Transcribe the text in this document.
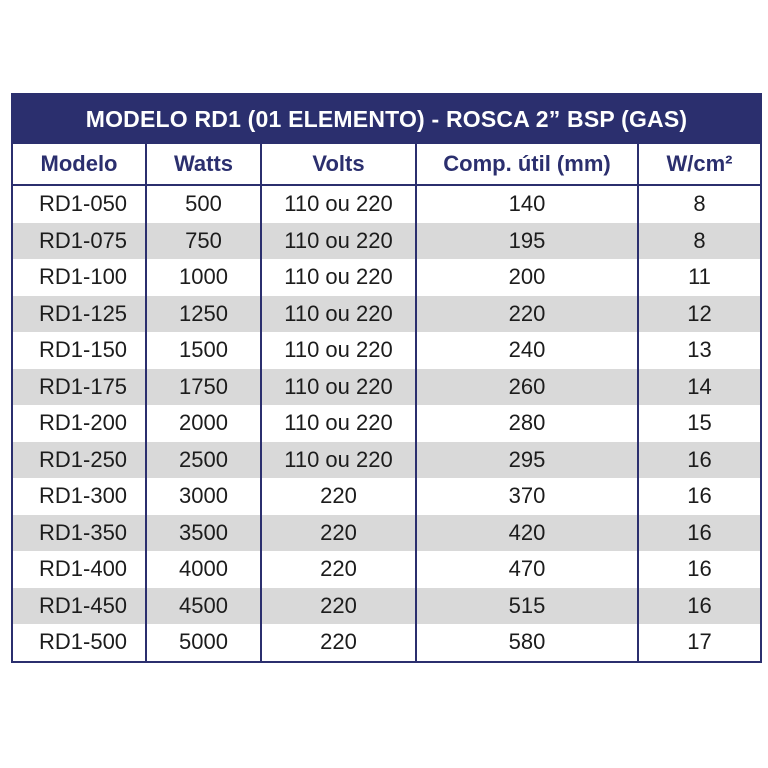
MODELO RD1 (01 ELEMENTO) - ROSCA 2” BSP (GAS)				
Modelo	Watts	Volts	Comp. útil (mm)	W/cm²
RD1-050	500	110 ou 220	140	8
RD1-075	750	110 ou 220	195	8
RD1-100	1000	110 ou 220	200	11
RD1-125	1250	110 ou 220	220	12
RD1-150	1500	110 ou 220	240	13
RD1-175	1750	110 ou 220	260	14
RD1-200	2000	110 ou 220	280	15
RD1-250	2500	110 ou 220	295	16
RD1-300	3000	220	370	16
RD1-350	3500	220	420	16
RD1-400	4000	220	470	16
RD1-450	4500	220	515	16
RD1-500	5000	220	580	17
